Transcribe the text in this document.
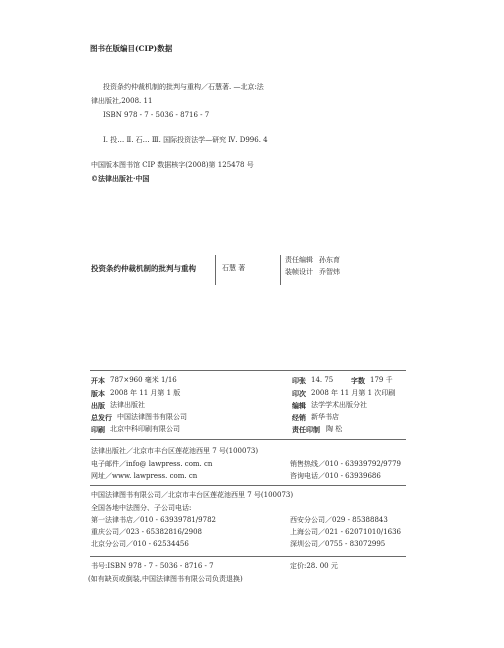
图书在版编目(CIP)数据
投资条约仲裁机制的批判与重构／石慧著. —北京:法
律出版社,2008. 11
ISBN 978 - 7 - 5036 - 8716 - 7
Ⅰ. 投… Ⅱ. 石… Ⅲ. 国际投资法学—研究 Ⅳ. D996. 4
中国版本图书馆 CIP 数据核字(2008)第 125478 号
©法律出版社·中国
投资条约仲裁机制的批判与重构	石慧 著
责任编辑 孙东育
装帧设计 乔智炜
开本 787×960 毫米 1/16	印张 14. 75	字数 179 千
版本 2008 年 11 月第 1 版	印次 2008 年 11 月第 1 次印刷
出版 法律出版社	编辑 法学学术出版分社
总发行 中国法律图书有限公司	经销 新华书店
印刷 北京中科印刷有限公司	责任印制 陶 松
法律出版社／北京市丰台区莲花池西里 7 号(100073)
电子邮件／info@ lawpress. com. cn	销售热线／010 - 63939792/9779
网址／www. lawpress. com. cn	咨询电话／010 - 63939686
中国法律图书有限公司／北京市丰台区莲花池西里 7 号(100073)
全国各地中法图分、子公司电话:
第一法律书店／010 - 63939781/9782	西安分公司／029 - 85388843
重庆公司／023 - 65382816/2908	上海公司／021 - 62071010/1636
北京分公司／010 - 62534456	深圳公司／0755 - 83072995
书号:ISBN 978 - 7 - 5036 - 8716 - 7	定价:28. 00 元
(如有缺页或倒装,中国法律图书有限公司负责退换)
